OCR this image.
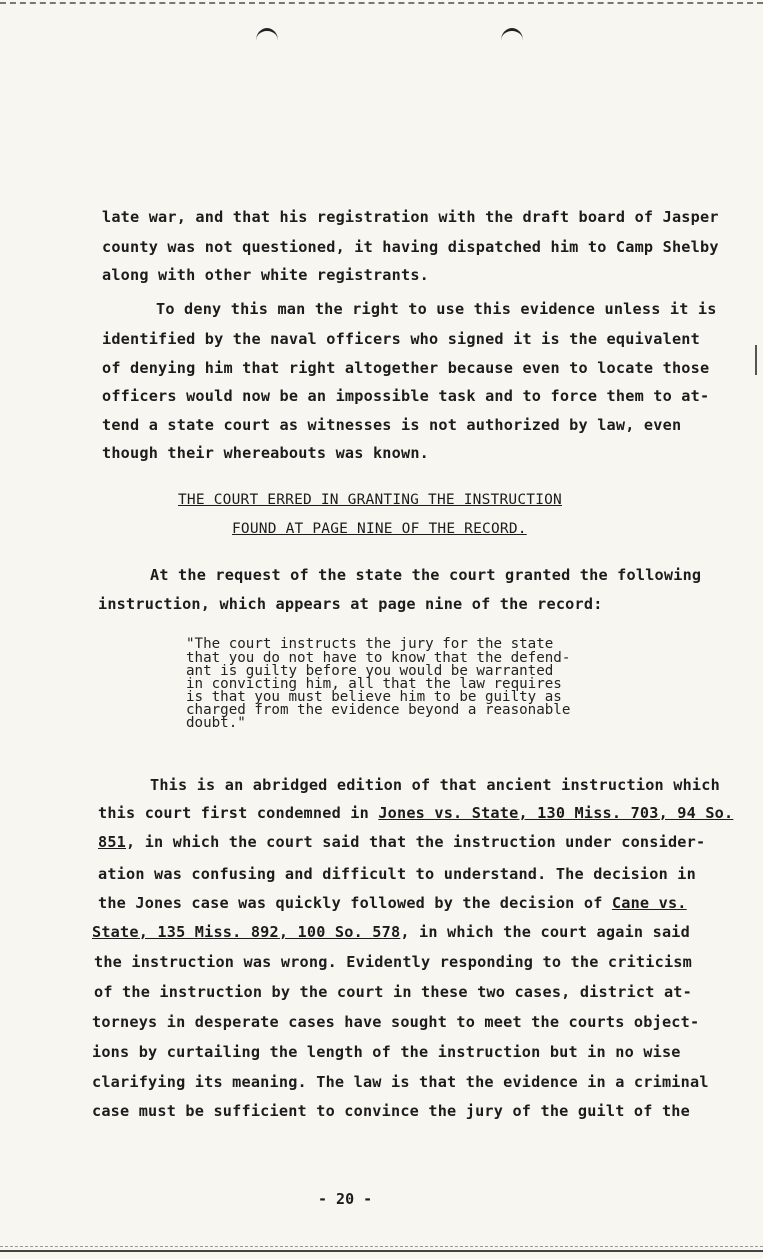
late war, and that his registration with the draft board of Jasper
county was not questioned, it having dispatched him to Camp Shelby
along with other white registrants.
To deny this man the right to use this evidence unless it is
identified by the naval officers who signed it is the equivalent
of denying him that right altogether because even to locate those
officers would now be an impossible task and to force them to at-
tend a state court as witnesses is not authorized by law, even
though their whereabouts was known.
THE COURT ERRED IN GRANTING THE INSTRUCTION
FOUND AT PAGE NINE OF THE RECORD.
At the request of the state the court granted the following
instruction, which appears at page nine of the record:
"The court instructs the jury for the state
that you do not have to know that the defend-
ant is guilty before you would be warranted
in convicting him, all that the law requires
is that you must believe him to be guilty as
charged from the evidence beyond a reasonable
doubt."
This is an abridged edition of that ancient instruction which
this court first condemned in Jones vs. State, 130 Miss. 703, 94 So.
851, in which the court said that the instruction under consider-
ation was confusing and difficult to understand. The decision in
the Jones case was quickly followed by the decision of Cane vs.
State, 135 Miss. 892, 100 So. 578, in which the court again said
the instruction was wrong. Evidently responding to the criticism
of the instruction by the court in these two cases, district at-
torneys in desperate cases have sought to meet the courts object-
ions by curtailing the length of the instruction but in no wise
clarifying its meaning. The law is that the evidence in a criminal
case must be sufficient to convince the jury of the guilt of the
- 20 -
